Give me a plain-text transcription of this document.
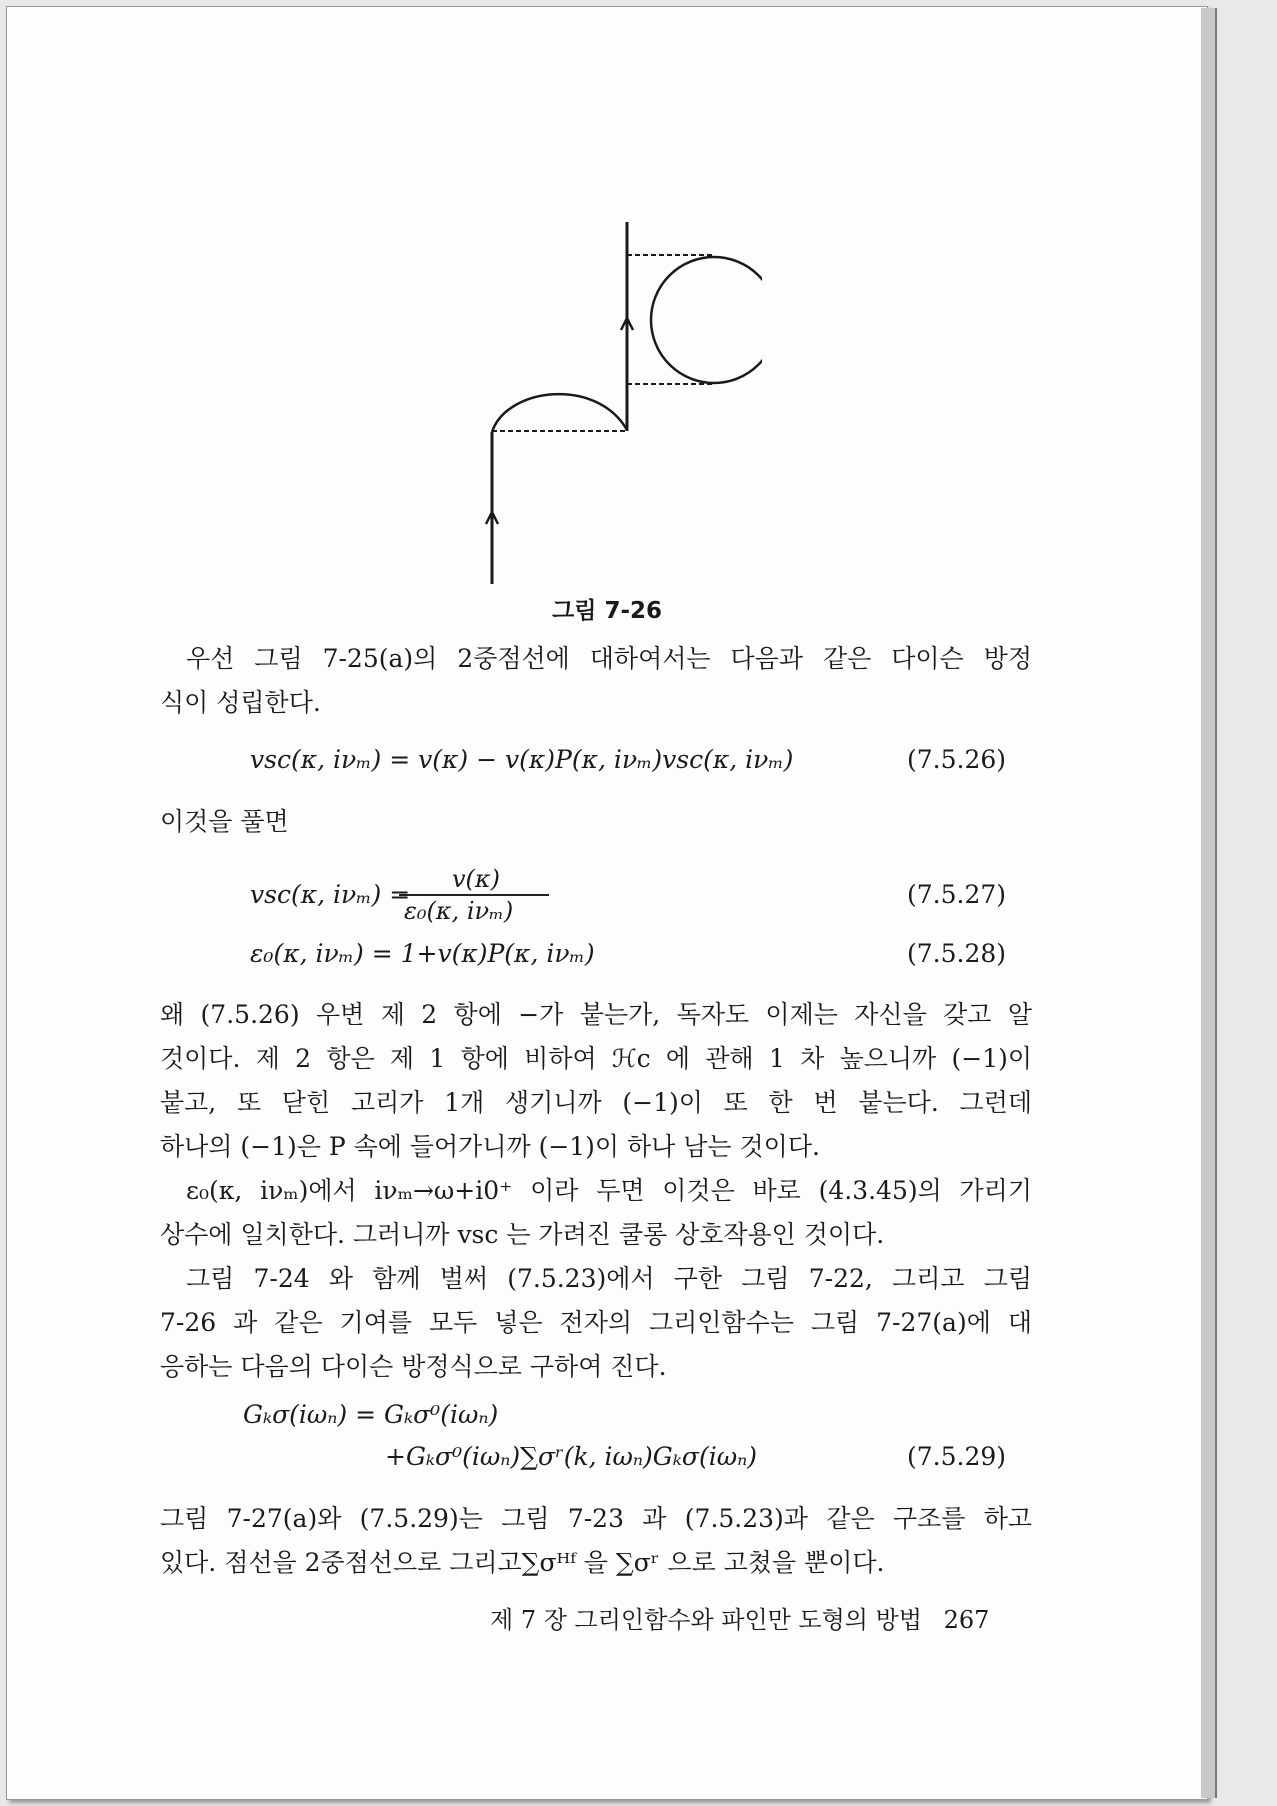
그림 7-26
우선 그림 7-25(a)의 2중점선에 대하여서는 다음과 같은 다이슨 방정
식이 성립한다.
vsc(κ, iνₘ) = v(κ) − v(κ)P(κ, iνₘ)vsc(κ, iνₘ)	(7.5.26)
이것을 풀면
vsc(κ, iνₘ) =
v(κ)
ε₀(κ, iνₘ)
(7.5.27)
ε₀(κ, iνₘ) = 1+v(κ)P(κ, iνₘ)	(7.5.28)
왜 (7.5.26) 우변 제 2 항에 −가 붙는가, 독자도 이제는 자신을 갖고 알
것이다. 제 2 항은 제 1 항에 비하여 ℋc 에 관해 1 차 높으니까 (−1)이
붙고, 또 닫힌 고리가 1개 생기니까 (−1)이 또 한 번 붙는다. 그런데
하나의 (−1)은 P 속에 들어가니까 (−1)이 하나 남는 것이다.
ε₀(κ, iνₘ)에서 iνₘ→ω+i0⁺ 이라 두면 이것은 바로 (4.3.45)의 가리기
상수에 일치한다. 그러니까 vsc 는 가려진 쿨롱 상호작용인 것이다.
그림 7-24 와 함께 벌써 (7.5.23)에서 구한 그림 7-22, 그리고 그림
7-26 과 같은 기여를 모두 넣은 전자의 그리인함수는 그림 7-27(a)에 대
응하는 다음의 다이슨 방정식으로 구하여 진다.
Gₖσ(iωₙ) = Gₖσ⁰(iωₙ)
+Gₖσ⁰(iωₙ)∑σʳ(k, iωₙ)Gₖσ(iωₙ)	(7.5.29)
그림 7-27(a)와 (7.5.29)는 그림 7-23 과 (7.5.23)과 같은 구조를 하고
있다. 점선을 2중점선으로 그리고∑σᴴᶠ 을 ∑σʳ 으로 고쳤을 뿐이다.
제 7 장 그리인함수와 파인만 도형의 방법 267
